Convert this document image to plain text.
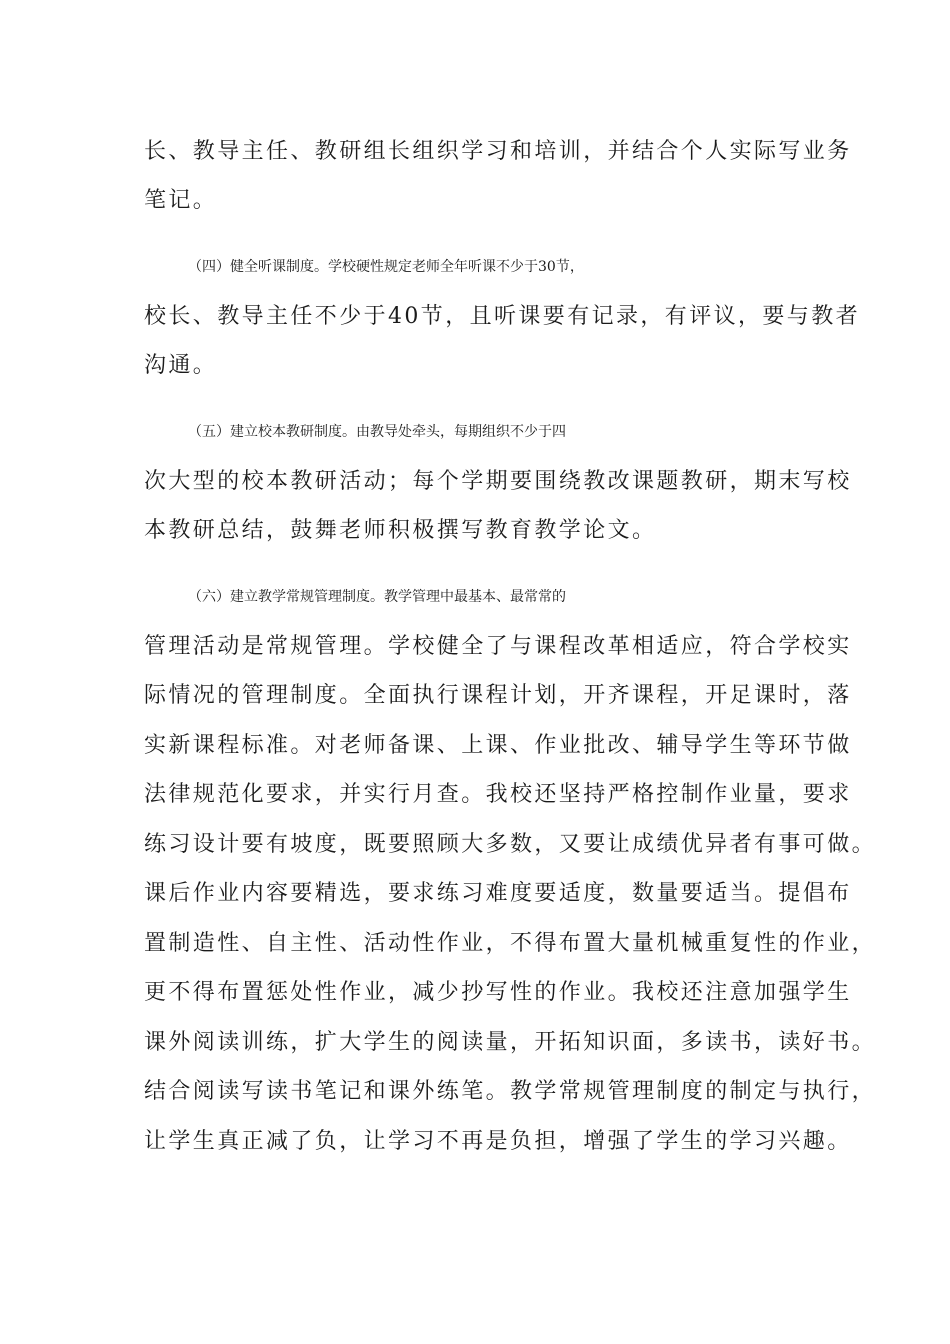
长、教导主任、教研组长组织学习和培训，并结合个人实际写业务
笔记。
（四）健全听课制度。学校硬性规定老师全年听课不少于30节，
校长、教导主任不少于40节，且听课要有记录，有评议，要与教者
沟通。
（五）建立校本教研制度。由教导处牵头，每期组织不少于四
次大型的校本教研活动；每个学期要围绕教改课题教研，期末写校
本教研总结，鼓舞老师积极撰写教育教学论文。
（六）建立教学常规管理制度。教学管理中最基本、最常常的
管理活动是常规管理。学校健全了与课程改革相适应，符合学校实
际情况的管理制度。全面执行课程计划，开齐课程，开足课时，落
实新课程标准。对老师备课、上课、作业批改、辅导学生等环节做
法律规范化要求，并实行月查。我校还坚持严格控制作业量，要求
练习设计要有坡度，既要照顾大多数，又要让成绩优异者有事可做。
课后作业内容要精选，要求练习难度要适度，数量要适当。提倡布
置制造性、自主性、活动性作业，不得布置大量机械重复性的作业，
更不得布置惩处性作业，减少抄写性的作业。我校还注意加强学生
课外阅读训练，扩大学生的阅读量，开拓知识面，多读书，读好书。
结合阅读写读书笔记和课外练笔。教学常规管理制度的制定与执行，
让学生真正减了负，让学习不再是负担，增强了学生的学习兴趣。
